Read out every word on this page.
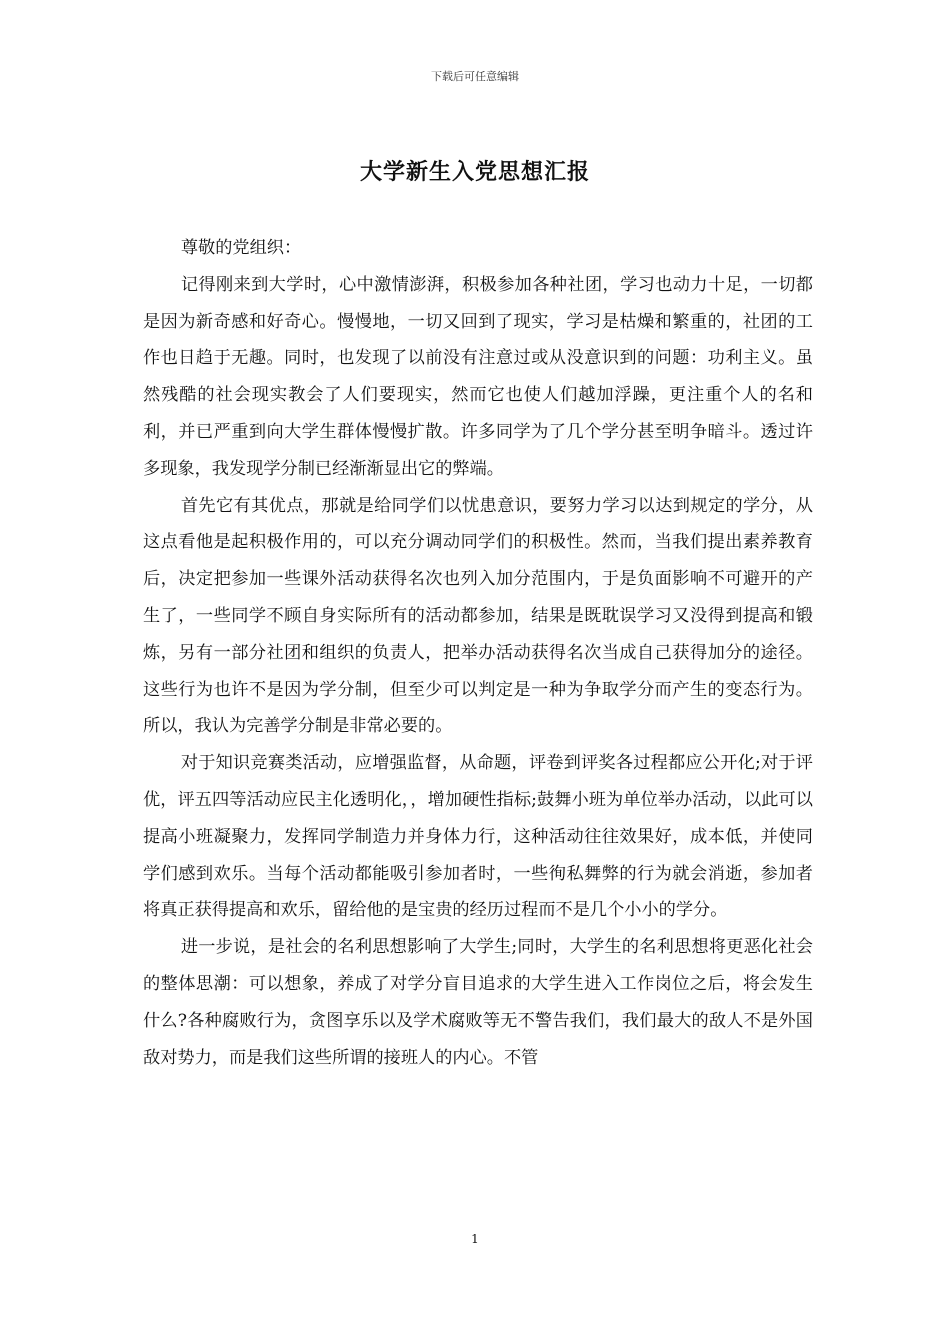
下载后可任意编辑
大学新生入党思想汇报

尊敬的党组织：

记得刚来到大学时，心中激情澎湃，积极参加各种社团，学习也动力十足，一切都是因为新奇感和好奇心。慢慢地，一切又回到了现实，学习是枯燥和繁重的，社团的工作也日趋于无趣。同时，也发现了以前没有注意过或从没意识到的问题：功利主义。虽然残酷的社会现实教会了人们要现实，然而它也使人们越加浮躁，更注重个人的名和利，并已严重到向大学生群体慢慢扩散。许多同学为了几个学分甚至明争暗斗。透过许多现象，我发现学分制已经渐渐显出它的弊端。

首先它有其优点，那就是给同学们以忧患意识，要努力学习以达到规定的学分，从这点看他是起积极作用的，可以充分调动同学们的积极性。然而，当我们提出素养教育后，决定把参加一些课外活动获得名次也列入加分范围内，于是负面影响不可避开的产生了，一些同学不顾自身实际所有的活动都参加，结果是既耽误学习又没得到提高和锻炼，另有一部分社团和组织的负责人，把举办活动获得名次当成自己获得加分的途径。这些行为也许不是因为学分制，但至少可以判定是一种为争取学分而产生的变态行为。所以，我认为完善学分制是非常必要的。

对于知识竞赛类活动，应增强监督，从命题，评卷到评奖各过程都应公开化;对于评优，评五四等活动应民主化透明化，，增加硬性指标;鼓舞小班为单位举办活动，以此可以提高小班凝聚力，发挥同学制造力并身体力行，这种活动往往效果好，成本低，并使同学们感到欢乐。当每个活动都能吸引参加者时，一些徇私舞弊的行为就会消逝，参加者将真正获得提高和欢乐，留给他的是宝贵的经历过程而不是几个小小的学分。

进一步说，是社会的名利思想影响了大学生;同时，大学生的名利思想将更恶化社会的整体思潮：可以想象，养成了对学分盲目追求的大学生进入工作岗位之后，将会发生什么?各种腐败行为，贪图享乐以及学术腐败等无不警告我们，我们最大的敌人不是外国敌对势力，而是我们这些所谓的接班人的内心。不管

1
